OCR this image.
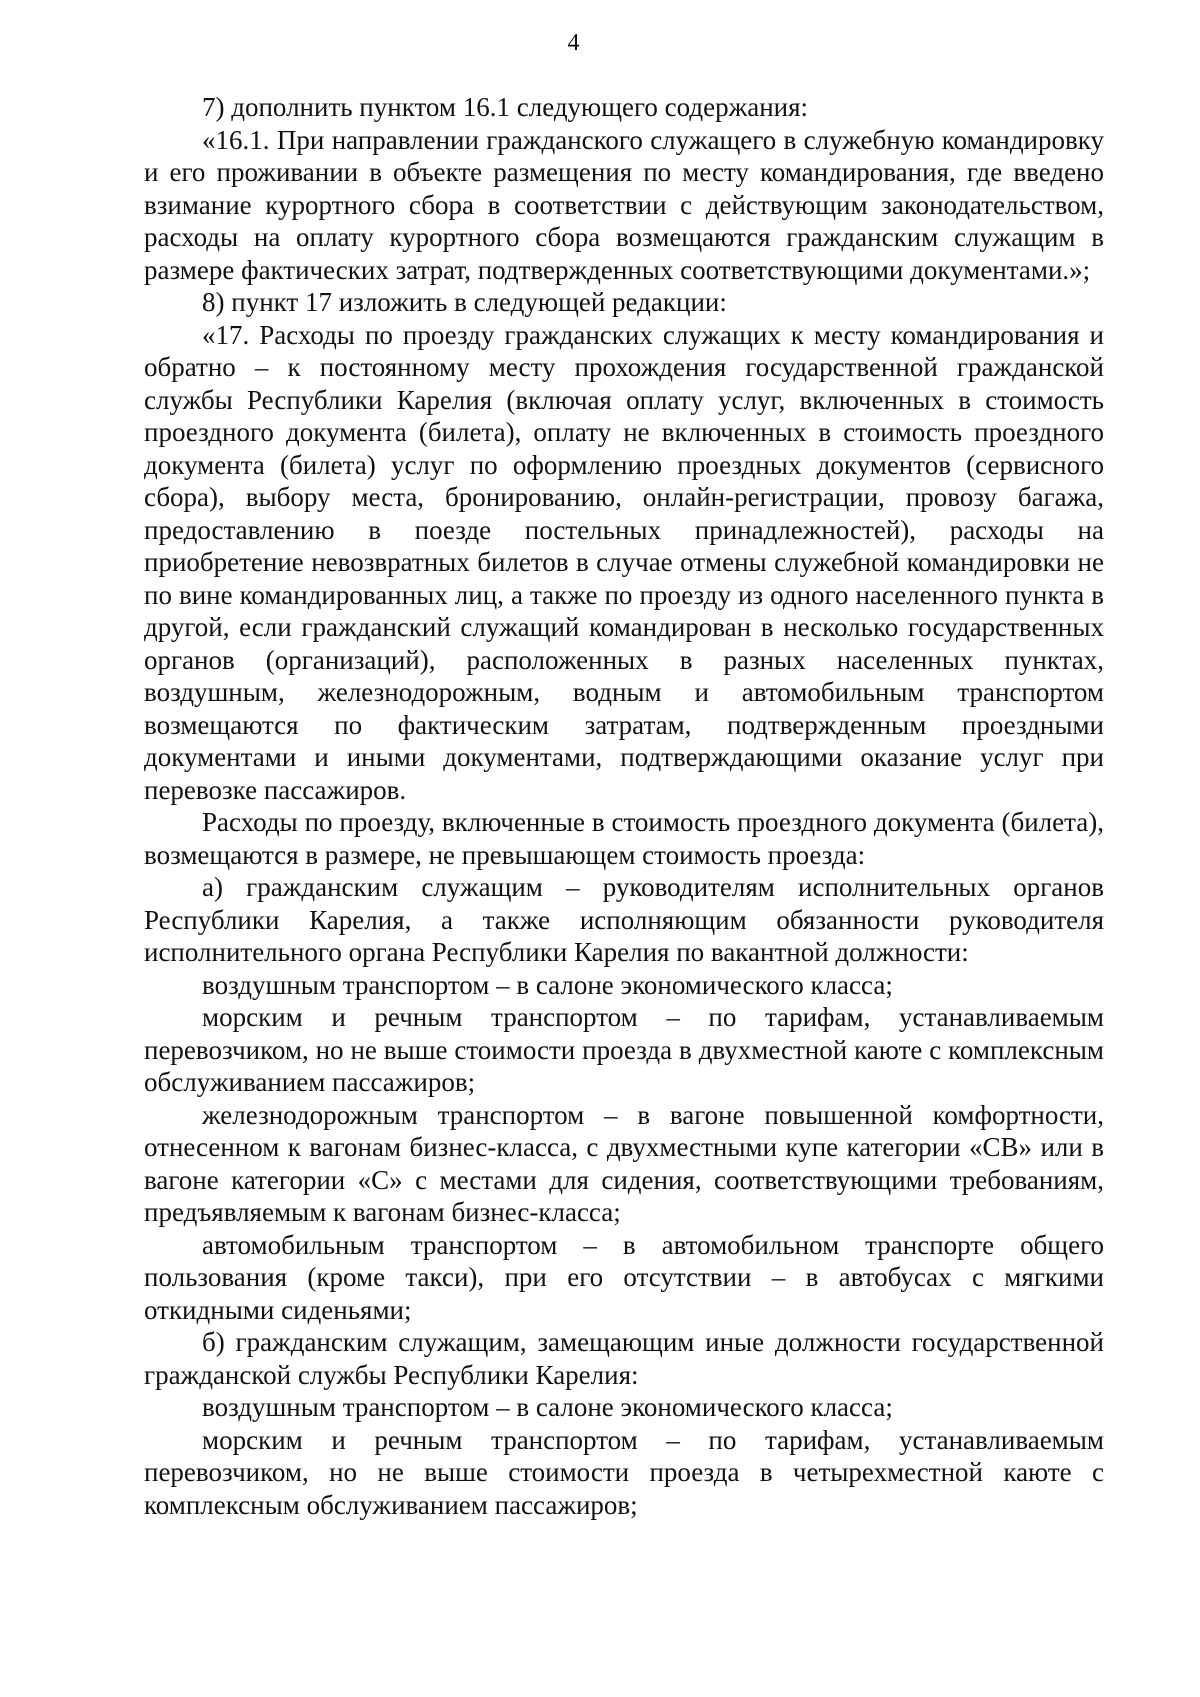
4

7) дополнить пунктом 16.1 следующего содержания:

«16.1. При направлении гражданского служащего в служебную командировку и его проживании в объекте размещения по месту командирования, где введено взимание курортного сбора в соответствии с действующим законодательством, расходы на оплату курортного сбора возмещаются гражданским служащим в размере фактических затрат, подтвержденных соответствующими документами.»;

8) пункт 17 изложить в следующей редакции:

«17. Расходы по проезду гражданских служащих к месту командирования и обратно – к постоянному месту прохождения государственной гражданской службы Республики Карелия (включая оплату услуг, включенных в стоимость проездного документа (билета), оплату не включенных в стоимость проездного документа (билета) услуг по оформлению проездных документов (сервисного сбора), выбору места, бронированию, онлайн-регистрации, провозу багажа, предоставлению в поезде постельных принадлежностей), расходы на приобретение невозвратных билетов в случае отмены служебной командировки не по вине командированных лиц, а также по проезду из одного населенного пункта в другой, если гражданский служащий командирован в несколько государственных органов (организаций), расположенных в разных населенных пунктах, воздушным, железнодорожным, водным и автомобильным транспортом возмещаются по фактическим затратам, подтвержденным проездными документами и иными документами, подтверждающими оказание услуг при перевозке пассажиров.

Расходы по проезду, включенные в стоимость проездного документа (билета), возмещаются в размере, не превышающем стоимость проезда:

а) гражданским служащим – руководителям исполнительных органов Республики Карелия, а также исполняющим обязанности руководителя исполнительного органа Республики Карелия по вакантной должности:

воздушным транспортом – в салоне экономического класса;

морским и речным транспортом – по тарифам, устанавливаемым перевозчиком, но не выше стоимости проезда в двухместной каюте с комплексным обслуживанием пассажиров;

железнодорожным транспортом – в вагоне повышенной комфортности, отнесенном к вагонам бизнес-класса, с двухместными купе категории «СВ» или в вагоне категории «С» с местами для сидения, соответствующими требованиям, предъявляемым к вагонам бизнес-класса;

автомобильным транспортом – в автомобильном транспорте общего пользования (кроме такси), при его отсутствии – в автобусах с мягкими откидными сиденьями;

б) гражданским служащим, замещающим иные должности государственной гражданской службы Республики Карелия:

воздушным транспортом – в салоне экономического класса;

морским и речным транспортом – по тарифам, устанавливаемым перевозчиком, но не выше стоимости проезда в четырехместной каюте с комплексным обслуживанием пассажиров;
